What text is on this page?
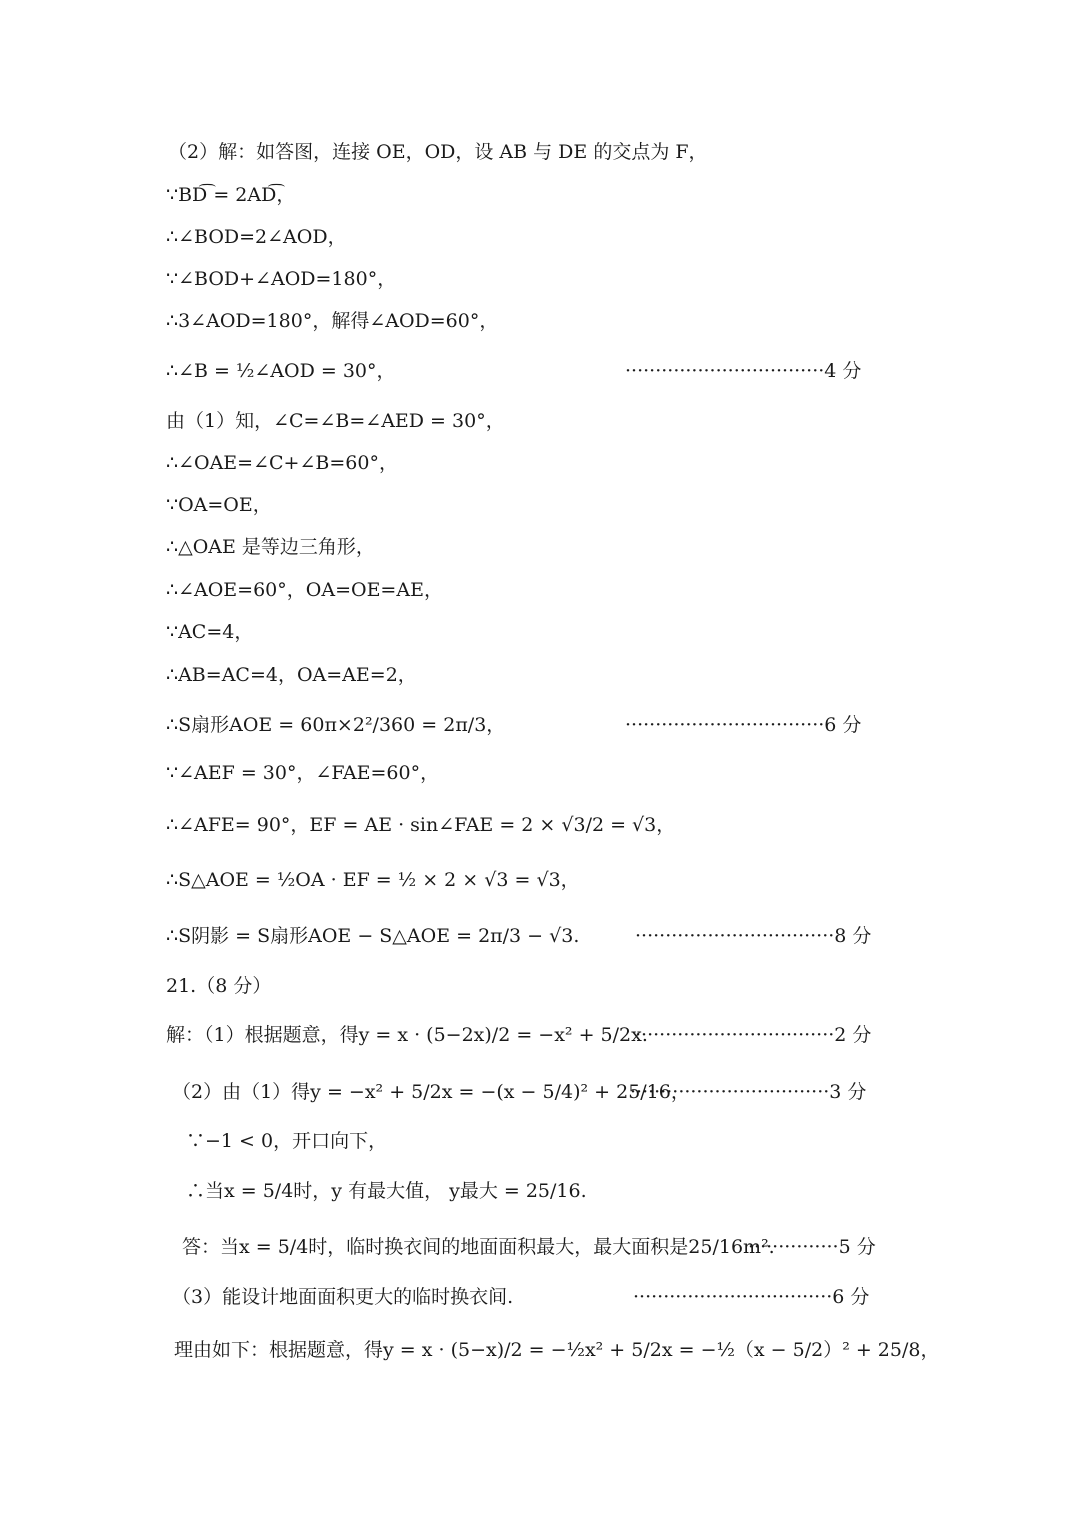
（2）解：如答图，连接 OE，OD，设 AB 与 DE 的交点为 F，
∵BD͡ = 2AD͡，
∴∠BOD=2∠AOD，
∵∠BOD+∠AOD=180°，
∴3∠AOD=180°，解得∠AOD=60°，
∴∠B = ½∠AOD = 30°，	·································4 分
由（1）知，∠C=∠B=∠AED = 30°，
∴∠OAE=∠C+∠B=60°，
∵OA=OE，
∴△OAE 是等边三角形，
∴∠AOE=60°，OA=OE=AE，
∵AC=4，
∴AB=AC=4，OA=AE=2，
∴S扇形AOE = 60π×2²/360 = 2π/3，	·································6 分
∵∠AEF = 30°，∠FAE=60°，
∴∠AFE= 90°，EF = AE · sin∠FAE = 2 × √3/2 = √3，
∴S△AOE = ½OA · EF = ½ × 2 × √3 = √3，
∴S阴影 = S扇形AOE − S△AOE = 2π/3 − √3.	·································8 分
21.（8 分）
解：（1）根据题意，得y = x · (5−2x)/2 = −x² + 5/2x.
·································2 分
（2）由（1）得y = −x² + 5/2x = −(x − 5/4)² + 25/16，
·································3 分
∵−1 < 0，开口向下，
∴当x = 5/4时，y 有最大值， y最大 = 25/16.
答：当x = 5/4时，临时换衣间的地面面积最大，最大面积是25/16m².
···············5 分
（3）能设计地面面积更大的临时换衣间.	·································6 分
理由如下：根据题意，得y = x · (5−x)/2 = −½x² + 5/2x = −½（x − 5/2）² + 25/8，
